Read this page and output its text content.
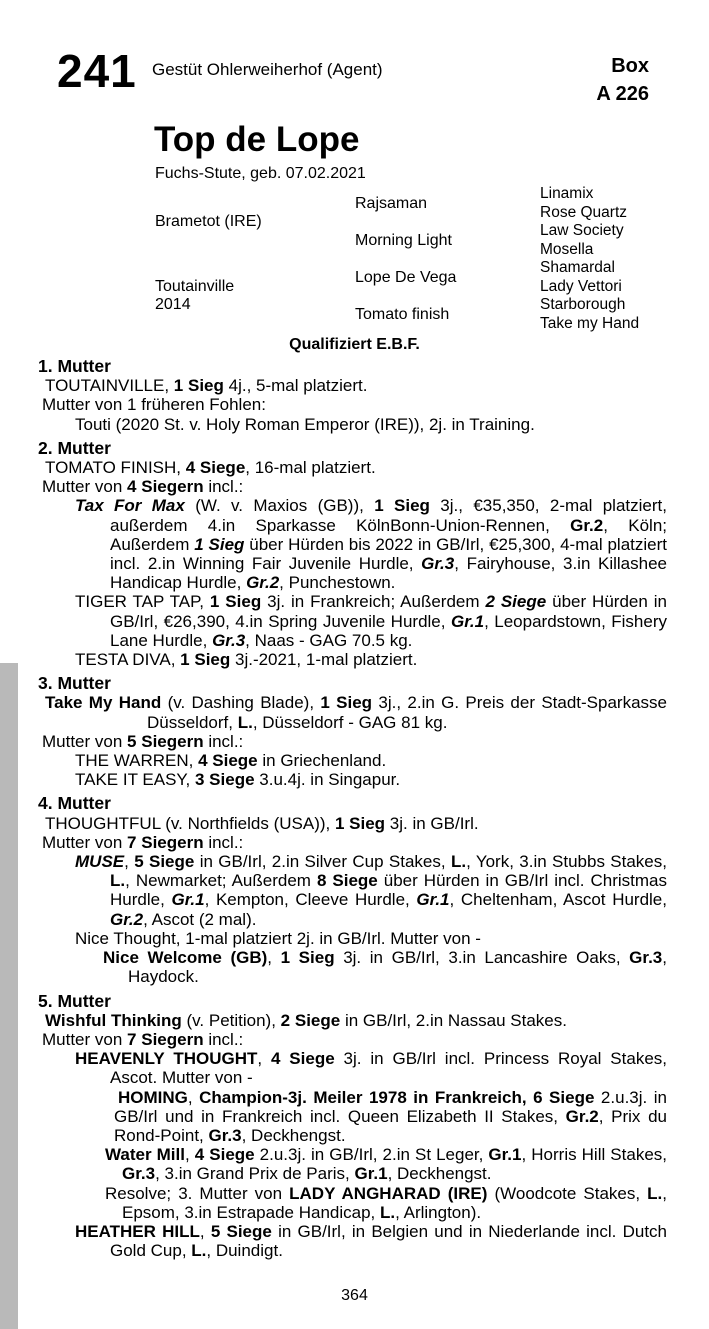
241 Gestüt Ohlerweiherhof (Agent)	Box
A 226
Top de Lope
Fuchs-Stute, geb. 07.02.2021
Brametot (IRE)
Toutainville
2014
Rajsaman
Morning Light
Lope De Vega
Tomato finish
Linamix
Rose Quartz
Law Society
Mosella
Shamardal
Lady Vettori
Starborough
Take my Hand
Qualifiziert E.B.F.
1. Mutter
TOUTAINVILLE, 1 Sieg 4j., 5-mal platziert.
Mutter von 1 früheren Fohlen:
Touti (2020 St. v. Holy Roman Emperor (IRE)), 2j. in Training.
2. Mutter
TOMATO FINISH, 4 Siege, 16-mal platziert.
Mutter von 4 Siegern incl.:
Tax For Max (W. v. Maxios (GB)), 1 Sieg 3j., €35,350, 2-mal platziert, außerdem 4.in Sparkasse KölnBonn-Union-Rennen, Gr.2, Köln; Außerdem 1 Sieg über Hürden bis 2022 in GB/Irl, €25,300, 4-mal platziert incl. 2.in Winning Fair Juvenile Hurdle, Gr.3, Fairyhouse, 3.in Killashee Handicap Hurdle, Gr.2, Punchestown.
TIGER TAP TAP, 1 Sieg 3j. in Frankreich; Außerdem 2 Siege über Hürden in GB/Irl, €26,390, 4.in Spring Juvenile Hurdle, Gr.1, Leopardstown, Fishery Lane Hurdle, Gr.3, Naas - GAG 70.5 kg.
TESTA DIVA, 1 Sieg 3j.-2021, 1-mal platziert.
3. Mutter
Take My Hand (v. Dashing Blade), 1 Sieg 3j., 2.in G. Preis der Stadt-Sparkasse Düsseldorf, L., Düsseldorf - GAG 81 kg.
Mutter von 5 Siegern incl.:
THE WARREN, 4 Siege in Griechenland.
TAKE IT EASY, 3 Siege 3.u.4j. in Singapur.
4. Mutter
THOUGHTFUL (v. Northfields (USA)), 1 Sieg 3j. in GB/Irl.
Mutter von 7 Siegern incl.:
MUSE, 5 Siege in GB/Irl, 2.in Silver Cup Stakes, L., York, 3.in Stubbs Stakes, L., Newmarket; Außerdem 8 Siege über Hürden in GB/Irl incl. Christmas Hurdle, Gr.1, Kempton, Cleeve Hurdle, Gr.1, Cheltenham, Ascot Hurdle, Gr.2, Ascot (2 mal).
Nice Thought, 1-mal platziert 2j. in GB/Irl. Mutter von -
Nice Welcome (GB), 1 Sieg 3j. in GB/Irl, 3.in Lancashire Oaks, Gr.3, Haydock.
5. Mutter
Wishful Thinking (v. Petition), 2 Siege in GB/Irl, 2.in Nassau Stakes.
Mutter von 7 Siegern incl.:
HEAVENLY THOUGHT, 4 Siege 3j. in GB/Irl incl. Princess Royal Stakes, Ascot. Mutter von -
HOMING, Champion-3j. Meiler 1978 in Frankreich, 6 Siege 2.u.3j. in GB/Irl und in Frankreich incl. Queen Elizabeth II Stakes, Gr.2, Prix du Rond-Point, Gr.3, Deckhengst.
Water Mill, 4 Siege 2.u.3j. in GB/Irl, 2.in St Leger, Gr.1, Horris Hill Stakes, Gr.3, 3.in Grand Prix de Paris, Gr.1, Deckhengst.
Resolve; 3. Mutter von LADY ANGHARAD (IRE) (Woodcote Stakes, L., Epsom, 3.in Estrapade Handicap, L., Arlington).
HEATHER HILL, 5 Siege in GB/Irl, in Belgien und in Niederlande incl. Dutch Gold Cup, L., Duindigt.
364
